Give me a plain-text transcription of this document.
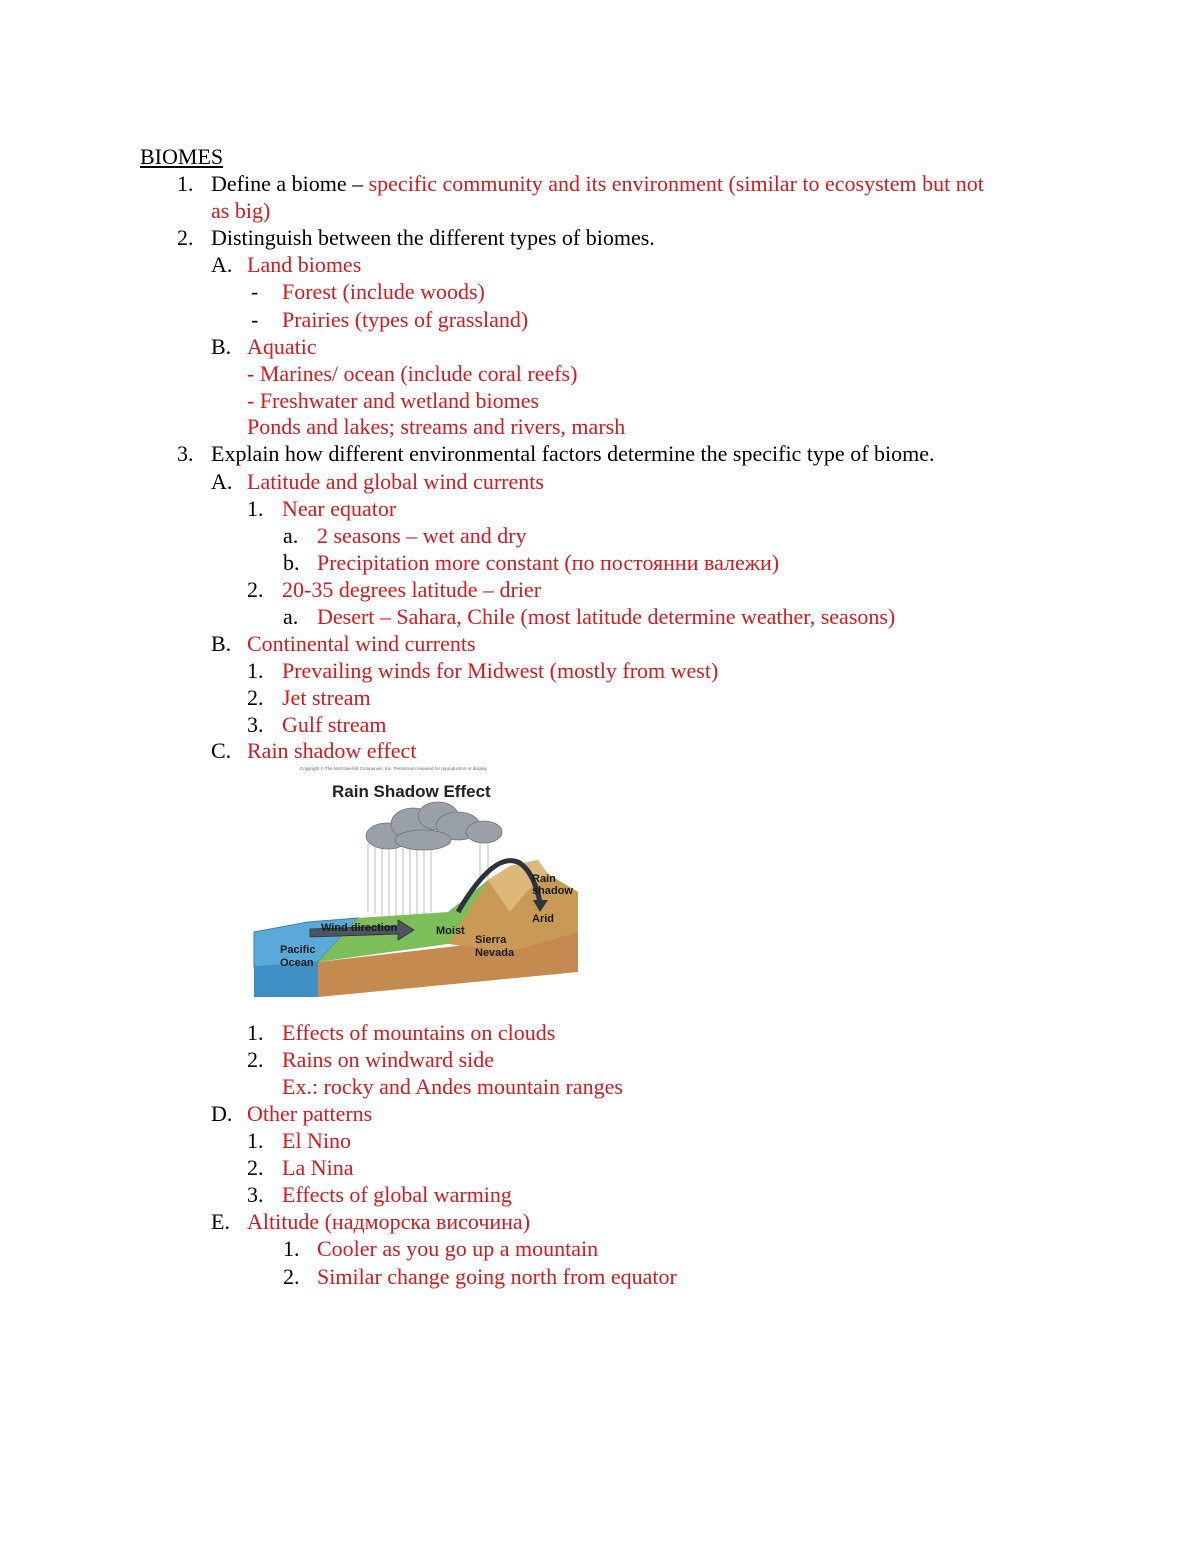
BIOMES
1. Define a biome – specific community and its environment (similar to ecosystem but not
as big)
2. Distinguish between the different types of biomes.
A. Land biomes
- Forest (include woods)
- Prairies (types of grassland)
B. Aquatic
- Marines/ ocean (include coral reefs)
- Freshwater and wetland biomes
Ponds and lakes; streams and rivers, marsh
3. Explain how different environmental factors determine the specific type of biome.
A. Latitude and global wind currents
1. Near equator
a. 2 seasons – wet and dry
b. Precipitation more constant (по постоянни валежи)
2. 20-35 degrees latitude – drier
a. Desert – Sahara, Chile (most latitude determine weather, seasons)
B. Continental wind currents
1. Prevailing winds for Midwest (mostly from west)
2. Jet stream
3. Gulf stream
C. Rain shadow effect
Copyright © The McGraw-Hill Companies, Inc. Permission required for reproduction or display.
Rain Shadow Effect
Wind direction	Moist
Sierra
Nevada
Pacific
Ocean
Rain
shadow
Arid
1. Effects of mountains on clouds
2. Rains on windward side
Ex.: rocky and Andes mountain ranges
D. Other patterns
1. El Nino
2. La Nina
3. Effects of global warming
E. Altitude (надморска височина)
1. Cooler as you go up a mountain
2. Similar change going north from equator
